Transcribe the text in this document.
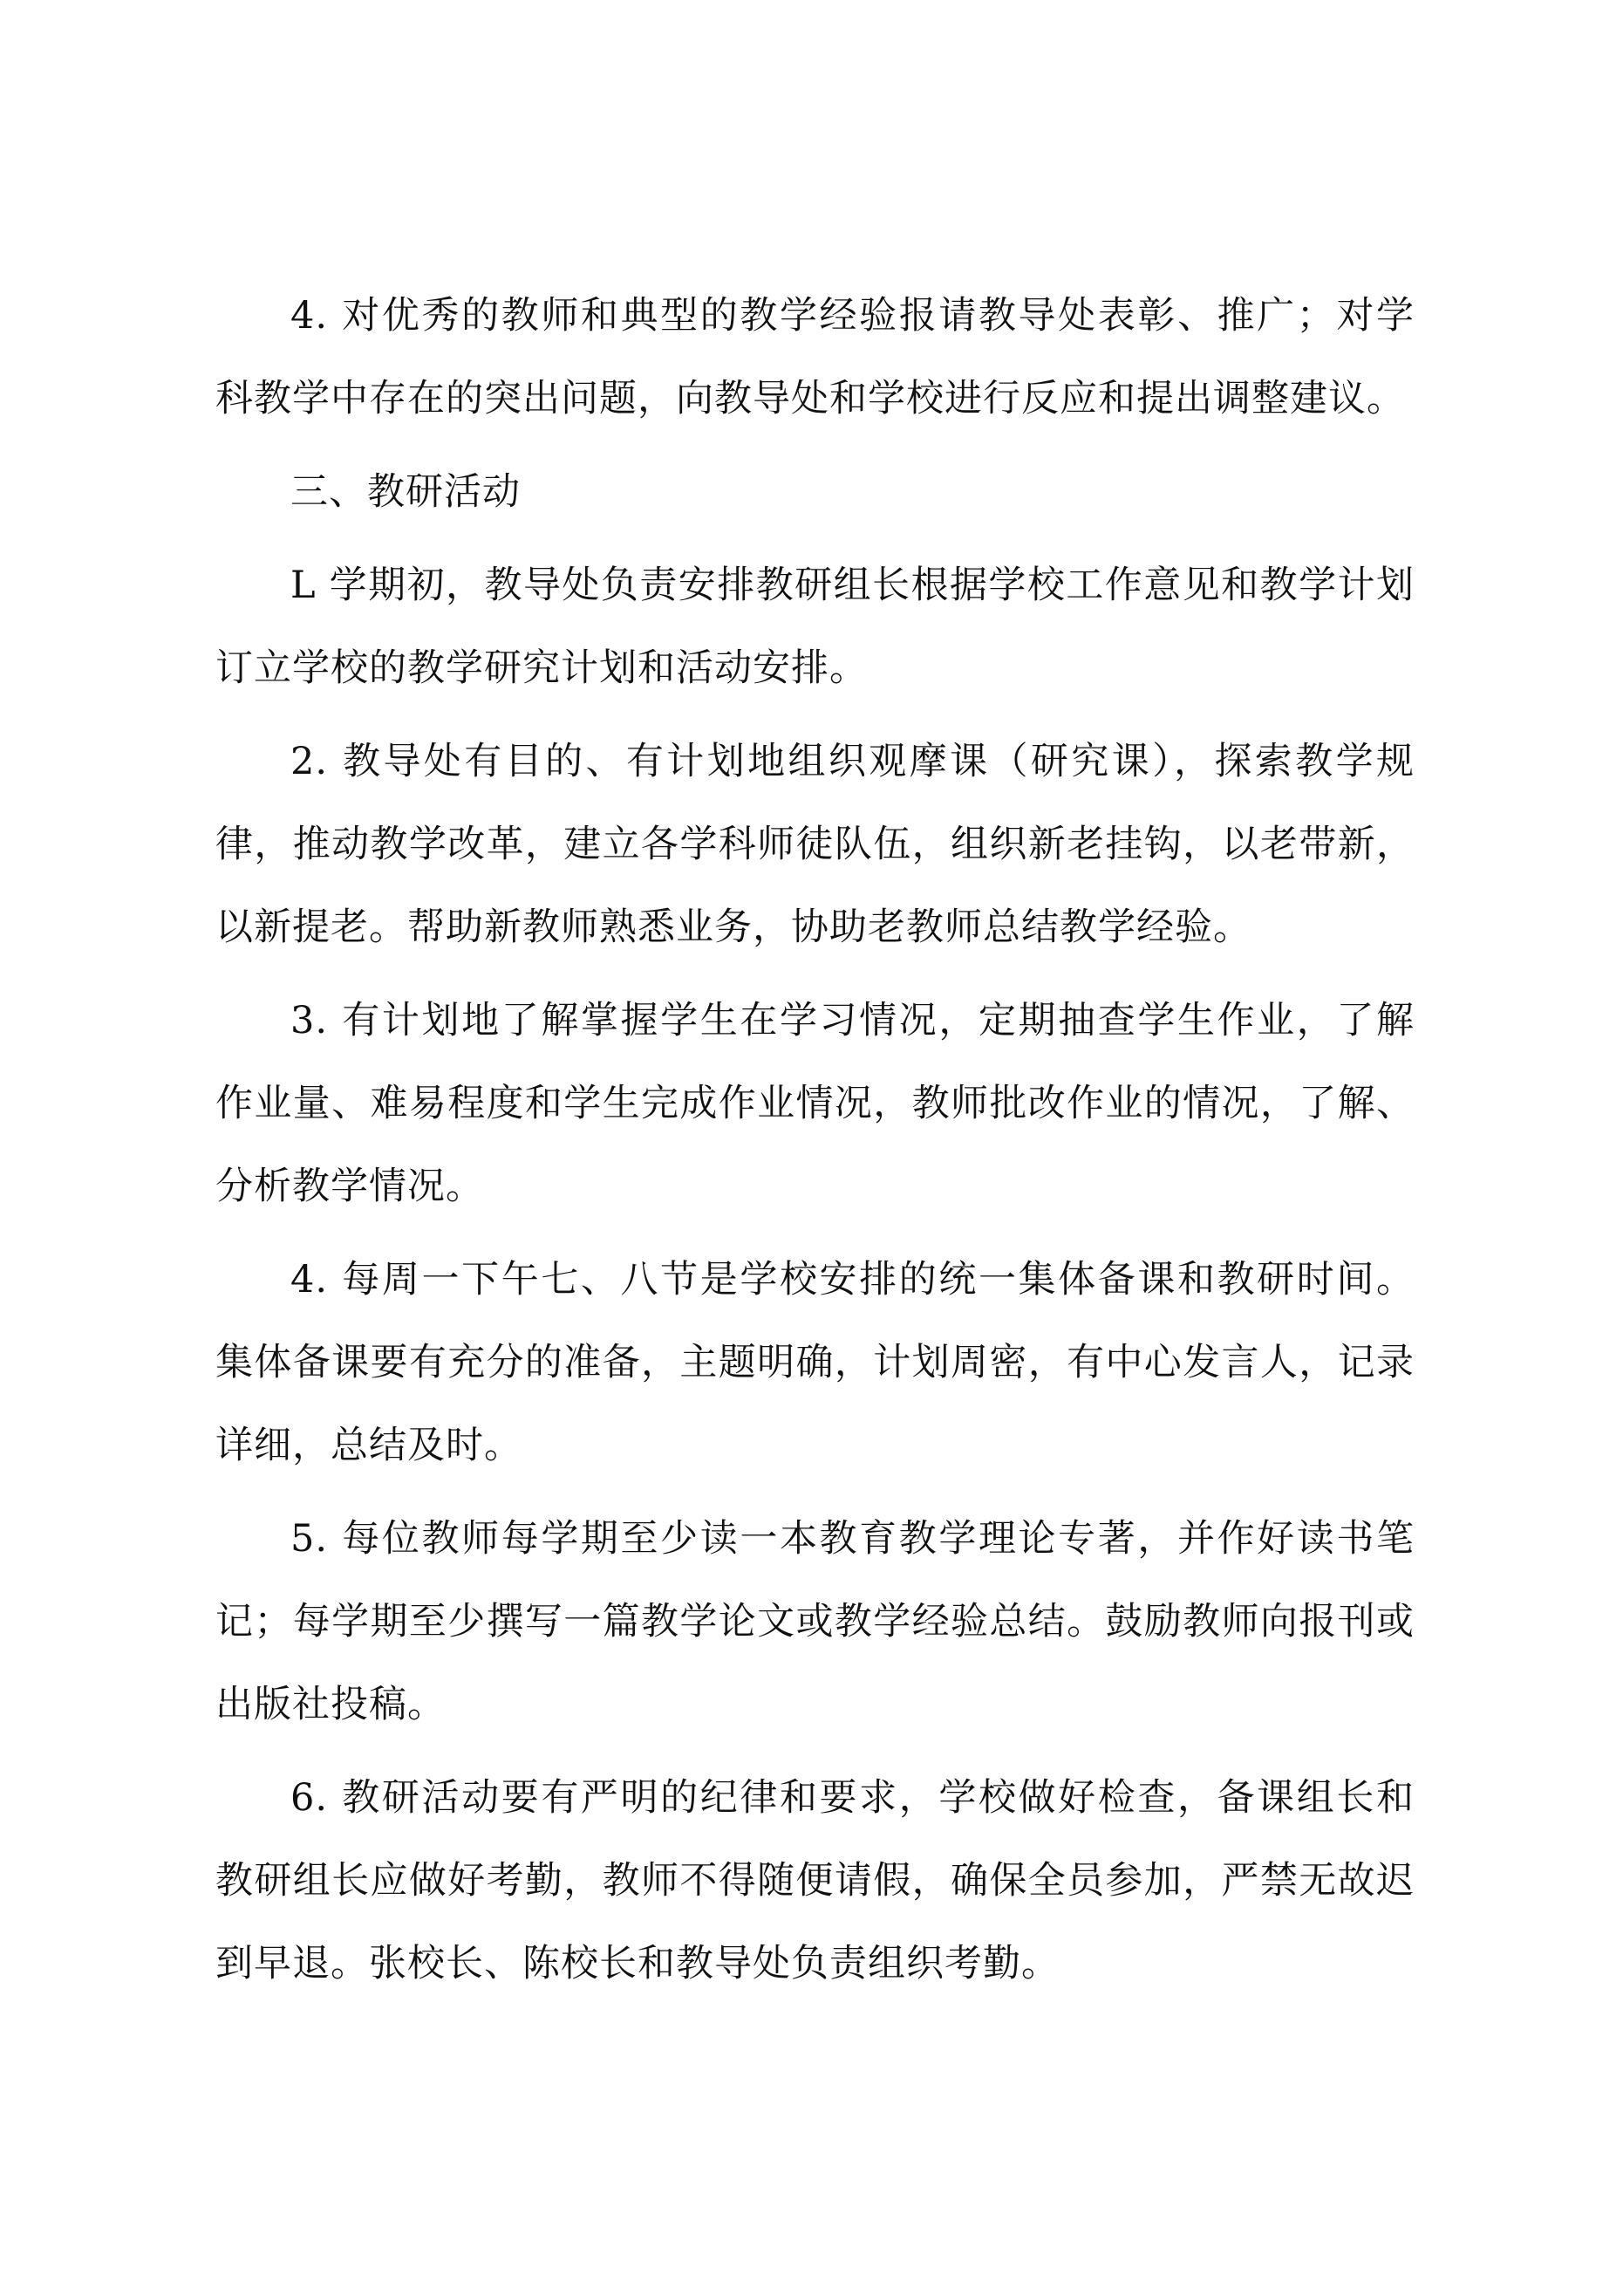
4. 对优秀的教师和典型的教学经验报请教导处表彰、推广；对学科教学中存在的突出问题，向教导处和学校进行反应和提出调整建议。

三、教研活动

L 学期初，教导处负责安排教研组长根据学校工作意见和教学计划订立学校的教学研究计划和活动安排。

2. 教导处有目的、有计划地组织观摩课（研究课），探索教学规律，推动教学改革，建立各学科师徒队伍，组织新老挂钩，以老带新，以新提老。帮助新教师熟悉业务，协助老教师总结教学经验。

3. 有计划地了解掌握学生在学习情况，定期抽查学生作业，了解作业量、难易程度和学生完成作业情况，教师批改作业的情况，了解、分析教学情况。

4. 每周一下午七、八节是学校安排的统一集体备课和教研时间。集体备课要有充分的准备，主题明确，计划周密，有中心发言人，记录详细，总结及时。

5. 每位教师每学期至少读一本教育教学理论专著，并作好读书笔记；每学期至少撰写一篇教学论文或教学经验总结。鼓励教师向报刊或出版社投稿。

6. 教研活动要有严明的纪律和要求，学校做好检查，备课组长和教研组长应做好考勤，教师不得随便请假，确保全员参加，严禁无故迟到早退。张校长、陈校长和教导处负责组织考勤。
